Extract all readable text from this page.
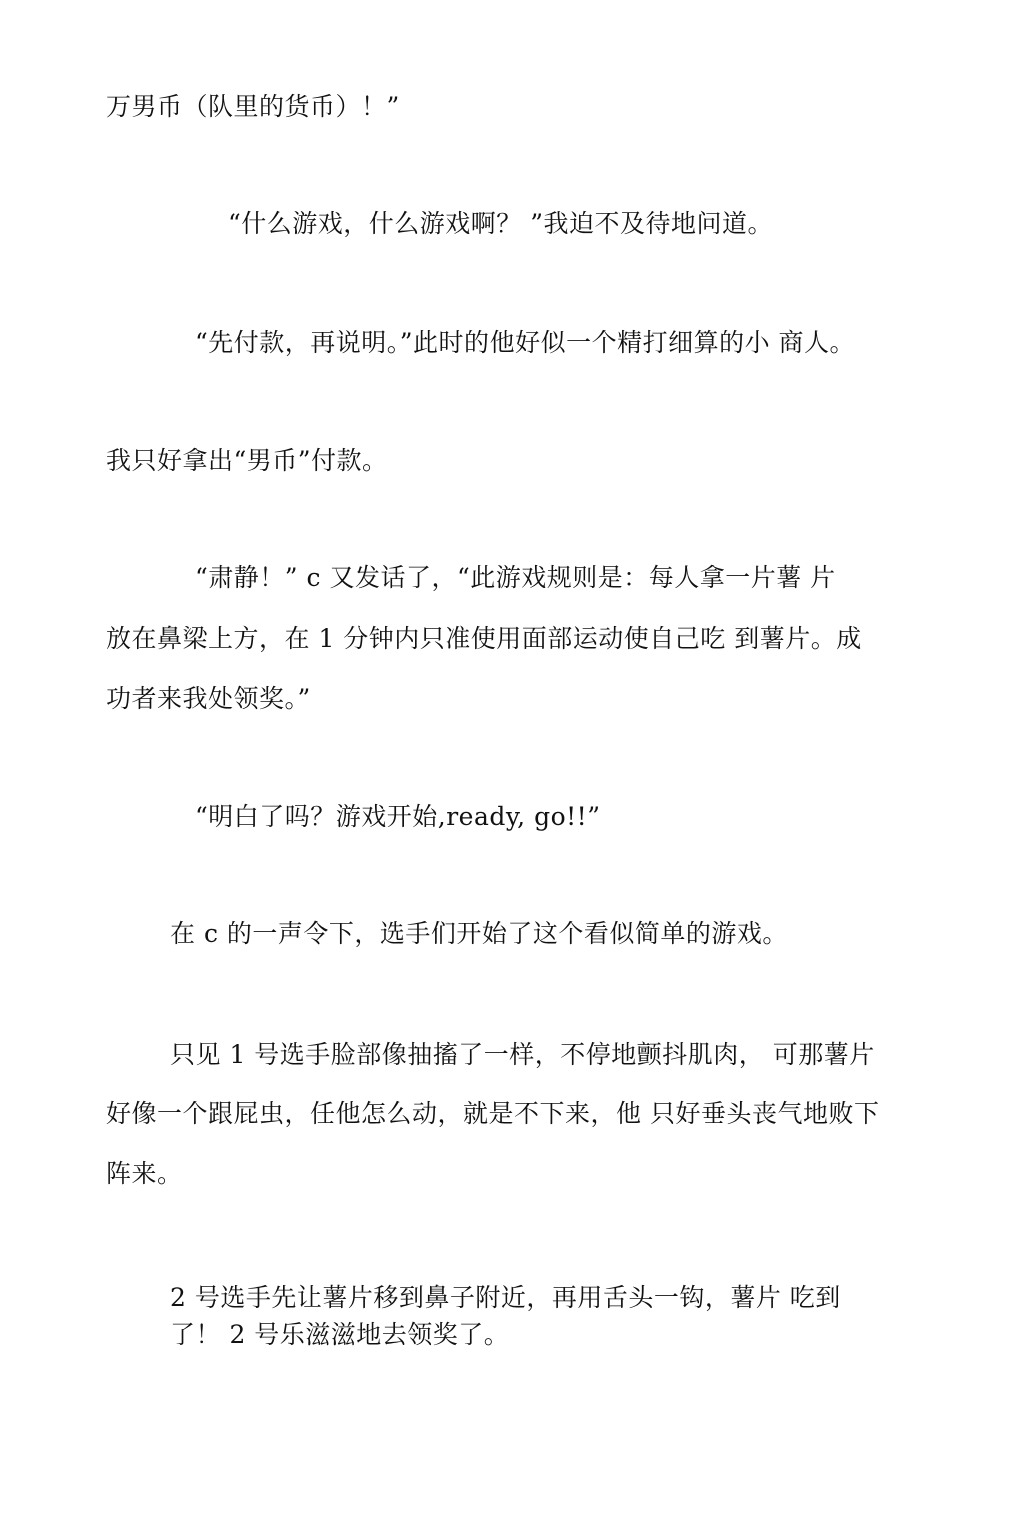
万男币（队里的货币）！”
“什么游戏，什么游戏啊？ ”我迫不及待地问道。
“先付款，再说明。”此时的他好似一个精打细算的小 商人。
我只好拿出“男币”付款。
“肃静！” c 又发话了，“此游戏规则是：每人拿一片薯 片
放在鼻梁上方，在 1 分钟内只准使用面部运动使自己吃 到薯片。成
功者来我处领奖。”
“明白了吗？游戏开始,ready, go!!”
在 c 的一声令下，选手们开始了这个看似简单的游戏。
只见 1 号选手脸部像抽搐了一样，不停地颤抖肌肉， 可那薯片
好像一个跟屁虫，任他怎么动，就是不下来，他 只好垂头丧气地败下
阵来。
2 号选手先让薯片移到鼻子附近，再用舌头一钩，薯片 吃到
了！ 2 号乐滋滋地去领奖了。
